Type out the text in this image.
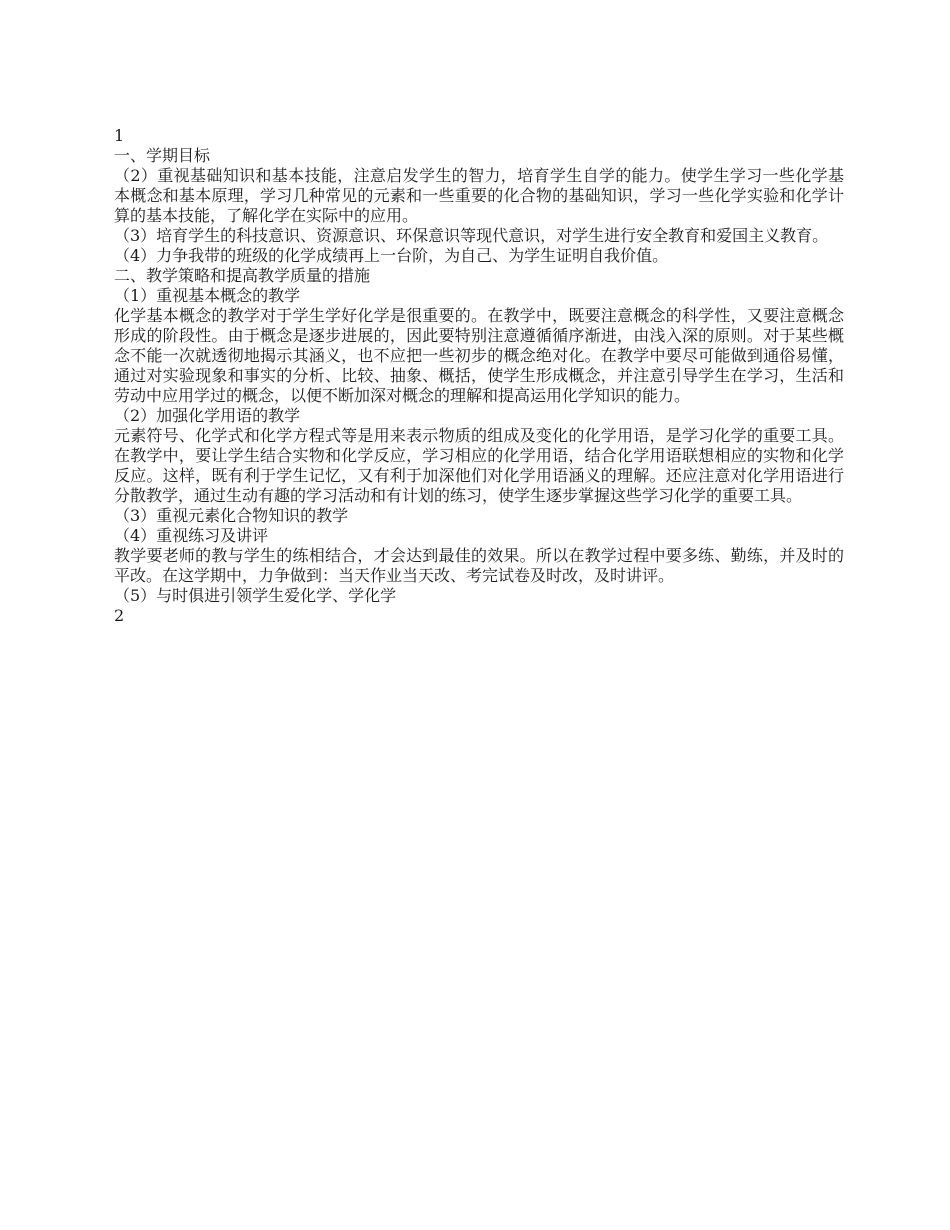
1

一、学期目标

（2）重视基础知识和基本技能，注意启发学生的智力，培育学生自学的能力。使学生学习一些化学基本概念和基本原理，学习几种常见的元素和一些重要的化合物的基础知识，学习一些化学实验和化学计算的基本技能，了解化学在实际中的应用。

（3）培育学生的科技意识、资源意识、环保意识等现代意识，对学生进行安全教育和爱国主义教育。

（4）力争我带的班级的化学成绩再上一台阶，为自己、为学生证明自我价值。

二、教学策略和提高教学质量的措施

（1）重视基本概念的教学

化学基本概念的教学对于学生学好化学是很重要的。在教学中，既要注意概念的科学性，又要注意概念形成的阶段性。由于概念是逐步进展的，因此要特别注意遵循循序渐进，由浅入深的原则。对于某些概念不能一次就透彻地揭示其涵义，也不应把一些初步的概念绝对化。在教学中要尽可能做到通俗易懂，通过对实验现象和事实的分析、比较、抽象、概括，使学生形成概念，并注意引导学生在学习，生活和劳动中应用学过的概念，以便不断加深对概念的理解和提高运用化学知识的能力。

（2）加强化学用语的教学

元素符号、化学式和化学方程式等是用来表示物质的组成及变化的化学用语，是学习化学的重要工具。在教学中，要让学生结合实物和化学反应，学习相应的化学用语，结合化学用语联想相应的实物和化学反应。这样，既有利于学生记忆，又有利于加深他们对化学用语涵义的理解。还应注意对化学用语进行分散教学，通过生动有趣的学习活动和有计划的练习，使学生逐步掌握这些学习化学的重要工具。

（3）重视元素化合物知识的教学

（4）重视练习及讲评

教学要老师的教与学生的练相结合，才会达到最佳的效果。所以在教学过程中要多练、勤练，并及时的平改。在这学期中，力争做到：当天作业当天改、考完试卷及时改，及时讲评。

（5）与时俱进引领学生爱化学、学化学

2
